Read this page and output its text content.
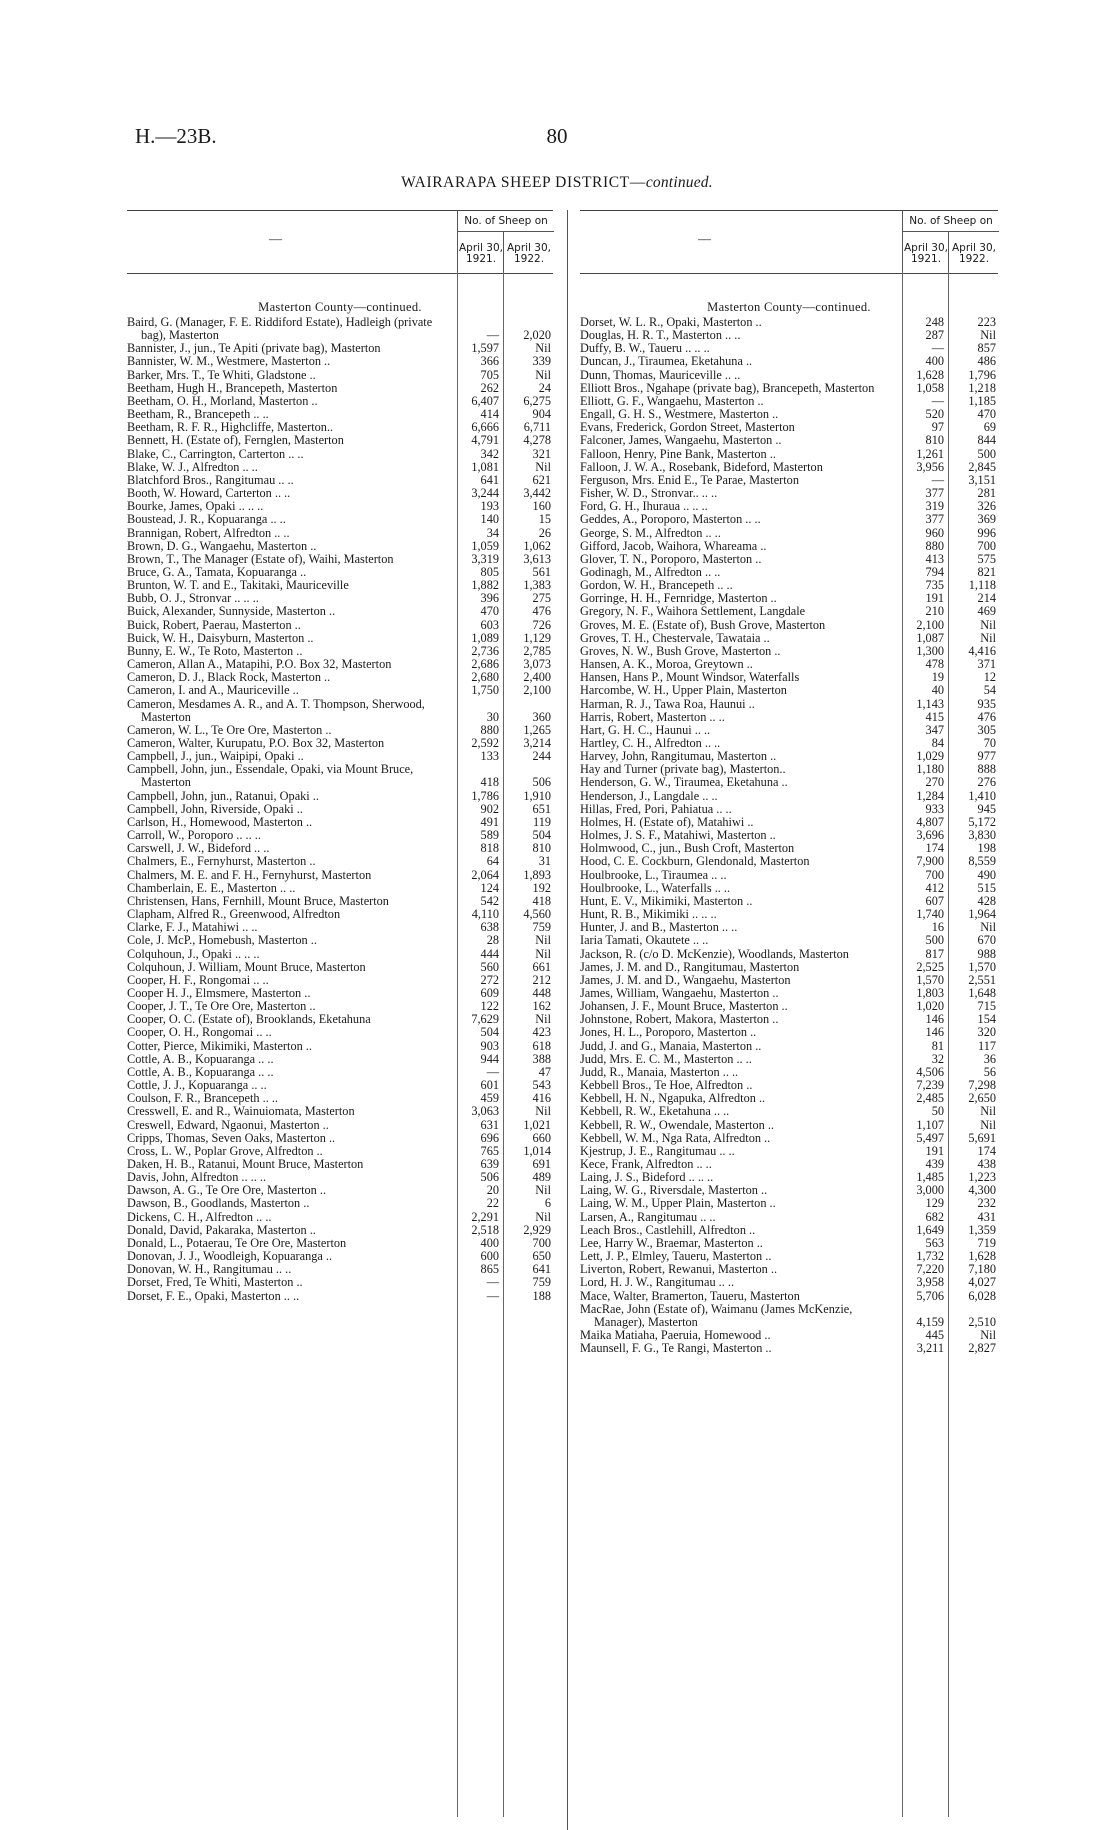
H.—23B.	80
WAIRARAPA SHEEP DISTRICT—continued.
—
No. of Sheep on
April 30,
1921.
April 30,
1922.
Masterton County—continued.
Baird, G. (Manager, F. E. Riddiford Estate), Hadleigh (private bag), Masterton	—	2,020
Bannister, J., jun., Te Apiti (private bag), Masterton	1,597	Nil
Bannister, W. M., Westmere, Masterton ..	366	339
Barker, Mrs. T., Te Whiti, Gladstone ..	705	Nil
Beetham, Hugh H., Brancepeth, Masterton	262	24
Beetham, O. H., Morland, Masterton ..	6,407	6,275
Beetham, R., Brancepeth .. ..	414	904
Beetham, R. F. R., Highcliffe, Masterton..	6,666	6,711
Bennett, H. (Estate of), Fernglen, Masterton	4,791	4,278
Blake, C., Carrington, Carterton .. ..	342	321
Blake, W. J., Alfredton .. ..	1,081	Nil
Blatchford Bros., Rangitumau .. ..	641	621
Booth, W. Howard, Carterton .. ..	3,244	3,442
Bourke, James, Opaki .. .. ..	193	160
Boustead, J. R., Kopuaranga .. ..	140	15
Brannigan, Robert, Alfredton .. ..	34	26
Brown, D. G., Wangaehu, Masterton ..	1,059	1,062
Brown, T., The Manager (Estate of), Waihi, Masterton	3,319	3,613
Bruce, G. A., Tamata, Kopuaranga ..	805	561
Brunton, W. T. and E., Takitaki, Mauriceville	1,882	1,383
Bubb, O. J., Stronvar .. .. ..	396	275
Buick, Alexander, Sunnyside, Masterton ..	470	476
Buick, Robert, Paerau, Masterton ..	603	726
Buick, W. H., Daisyburn, Masterton ..	1,089	1,129
Bunny, E. W., Te Roto, Masterton ..	2,736	2,785
Cameron, Allan A., Matapihi, P.O. Box 32, Masterton	2,686	3,073
Cameron, D. J., Black Rock, Masterton ..	2,680	2,400
Cameron, I. and A., Mauriceville ..	1,750	2,100
Cameron, Mesdames A. R., and A. T. Thompson, Sherwood, Masterton	30	360
Cameron, W. L., Te Ore Ore, Masterton ..	880	1,265
Cameron, Walter, Kurupatu, P.O. Box 32, Masterton	2,592	3,214
Campbell, J., jun., Waipipi, Opaki ..	133	244
Campbell, John, jun., Essendale, Opaki, via Mount Bruce, Masterton	418	506
Campbell, John, jun., Ratanui, Opaki ..	1,786	1,910
Campbell, John, Riverside, Opaki ..	902	651
Carlson, H., Homewood, Masterton ..	491	119
Carroll, W., Poroporo .. .. ..	589	504
Carswell, J. W., Bideford .. ..	818	810
Chalmers, E., Fernyhurst, Masterton ..	64	31
Chalmers, M. E. and F. H., Fernyhurst, Masterton	2,064	1,893
Chamberlain, E. E., Masterton .. ..	124	192
Christensen, Hans, Fernhill, Mount Bruce, Masterton	542	418
Clapham, Alfred R., Greenwood, Alfredton	4,110	4,560
Clarke, F. J., Matahiwi .. ..	638	759
Cole, J. McP., Homebush, Masterton ..	28	Nil
Colquhoun, J., Opaki .. .. ..	444	Nil
Colquhoun, J. William, Mount Bruce, Masterton	560	661
Cooper, H. F., Rongomai .. ..	272	212
Cooper H. J., Elmsmere, Masterton ..	609	448
Cooper, J. T., Te Ore Ore, Masterton ..	122	162
Cooper, O. C. (Estate of), Brooklands, Eketahuna	7,629	Nil
Cooper, O. H., Rongomai .. ..	504	423
Cotter, Pierce, Mikimiki, Masterton ..	903	618
Cottle, A. B., Kopuaranga .. ..	944	388
Cottle, A. B., Kopuaranga .. ..	—	47
Cottle, J. J., Kopuaranga .. ..	601	543
Coulson, F. R., Brancepeth .. ..	459	416
Cresswell, E. and R., Wainuiomata, Masterton	3,063	Nil
Creswell, Edward, Ngaonui, Masterton ..	631	1,021
Cripps, Thomas, Seven Oaks, Masterton ..	696	660
Cross, L. W., Poplar Grove, Alfredton ..	765	1,014
Daken, H. B., Ratanui, Mount Bruce, Masterton	639	691
Davis, John, Alfredton .. .. ..	506	489
Dawson, A. G., Te Ore Ore, Masterton ..	20	Nil
Dawson, B., Goodlands, Masterton ..	22	6
Dickens, C. H., Alfredton .. ..	2,291	Nil
Donald, David, Pakaraka, Masterton ..	2,518	2,929
Donald, L., Potaerau, Te Ore Ore, Masterton	400	700
Donovan, J. J., Woodleigh, Kopuaranga ..	600	650
Donovan, W. H., Rangitumau .. ..	865	641
Dorset, Fred, Te Whiti, Masterton ..	—	759
Dorset, F. E., Opaki, Masterton .. ..	—	188
—
No. of Sheep on
April 30,
1921.
April 30,
1922.
Masterton County—continued.
Dorset, W. L. R., Opaki, Masterton ..	248	223
Douglas, H. R. T., Masterton .. ..	287	Nil
Duffy, B. W., Taueru .. .. ..	—	857
Duncan, J., Tiraumea, Eketahuna ..	400	486
Dunn, Thomas, Mauriceville .. ..	1,628	1,796
Elliott Bros., Ngahape (private bag), Brancepeth, Masterton	1,058	1,218
Elliott, G. F., Wangaehu, Masterton ..	—	1,185
Engall, G. H. S., Westmere, Masterton ..	520	470
Evans, Frederick, Gordon Street, Masterton	97	69
Falconer, James, Wangaehu, Masterton ..	810	844
Falloon, Henry, Pine Bank, Masterton ..	1,261	500
Falloon, J. W. A., Rosebank, Bideford, Masterton	3,956	2,845
Ferguson, Mrs. Enid E., Te Parae, Masterton	—	3,151
Fisher, W. D., Stronvar.. .. ..	377	281
Ford, G. H., Ihuraua .. .. ..	319	326
Geddes, A., Poroporo, Masterton .. ..	377	369
George, S. M., Alfredton .. ..	960	996
Gifford, Jacob, Waihora, Whareama ..	880	700
Glover, T. N., Poroporo, Masterton ..	413	575
Godinagh, M., Alfredton .. ..	794	821
Gordon, W. H., Brancepeth .. ..	735	1,118
Gorringe, H. H., Fernridge, Masterton ..	191	214
Gregory, N. F., Waihora Settlement, Langdale	210	469
Groves, M. E. (Estate of), Bush Grove, Masterton	2,100	Nil
Groves, T. H., Chestervale, Tawataia ..	1,087	Nil
Groves, N. W., Bush Grove, Masterton ..	1,300	4,416
Hansen, A. K., Moroa, Greytown ..	478	371
Hansen, Hans P., Mount Windsor, Waterfalls	19	12
Harcombe, W. H., Upper Plain, Masterton	40	54
Harman, R. J., Tawa Roa, Haunui ..	1,143	935
Harris, Robert, Masterton .. ..	415	476
Hart, G. H. C., Haunui .. ..	347	305
Hartley, C. H., Alfredton .. ..	84	70
Harvey, John, Rangitumau, Masterton ..	1,029	977
Hay and Turner (private bag), Masterton..	1,180	888
Henderson, G. W., Tiraumea, Eketahuna ..	270	276
Henderson, J., Langdale .. ..	1,284	1,410
Hillas, Fred, Pori, Pahiatua .. ..	933	945
Holmes, H. (Estate of), Matahiwi ..	4,807	5,172
Holmes, J. S. F., Matahiwi, Masterton ..	3,696	3,830
Holmwood, C., jun., Bush Croft, Masterton	174	198
Hood, C. E. Cockburn, Glendonald, Masterton	7,900	8,559
Houlbrooke, L., Tiraumea .. ..	700	490
Houlbrooke, L., Waterfalls .. ..	412	515
Hunt, E. V., Mikimiki, Masterton ..	607	428
Hunt, R. B., Mikimiki .. .. ..	1,740	1,964
Hunter, J. and B., Masterton .. ..	16	Nil
Iaria Tamati, Okautete .. ..	500	670
Jackson, R. (c/o D. McKenzie), Woodlands, Masterton	817	988
James, J. M. and D., Rangitumau, Masterton	2,525	1,570
James, J. M. and D., Wangaehu, Masterton	1,570	2,551
James, William, Wangaehu, Masterton ..	1,803	1,648
Johansen, J. F., Mount Bruce, Masterton ..	1,020	715
Johnstone, Robert, Makora, Masterton ..	146	154
Jones, H. L., Poroporo, Masterton ..	146	320
Judd, J. and G., Manaia, Masterton ..	81	117
Judd, Mrs. E. C. M., Masterton .. ..	32	36
Judd, R., Manaia, Masterton .. ..	4,506	56
Kebbell Bros., Te Hoe, Alfredton ..	7,239	7,298
Kebbell, H. N., Ngapuka, Alfredton ..	2,485	2,650
Kebbell, R. W., Eketahuna .. ..	50	Nil
Kebbell, R. W., Owendale, Masterton ..	1,107	Nil
Kebbell, W. M., Nga Rata, Alfredton ..	5,497	5,691
Kjestrup, J. E., Rangitumau .. ..	191	174
Kece, Frank, Alfredton .. ..	439	438
Laing, J. S., Bideford .. .. ..	1,485	1,223
Laing, W. G., Riversdale, Masterton ..	3,000	4,300
Laing, W. M., Upper Plain, Masterton ..	129	232
Larsen, A., Rangitumau .. ..	682	431
Leach Bros., Castlehill, Alfredton ..	1,649	1,359
Lee, Harry W., Braemar, Masterton ..	563	719
Lett, J. P., Elmley, Taueru, Masterton ..	1,732	1,628
Liverton, Robert, Rewanui, Masterton ..	7,220	7,180
Lord, H. J. W., Rangitumau .. ..	3,958	4,027
Mace, Walter, Bramerton, Taueru, Masterton	5,706	6,028
MacRae, John (Estate of), Waimanu (James McKenzie, Manager), Masterton	4,159	2,510
Maika Matiaha, Paeruia, Homewood ..	445	Nil
Maunsell, F. G., Te Rangi, Masterton ..	3,211	2,827
